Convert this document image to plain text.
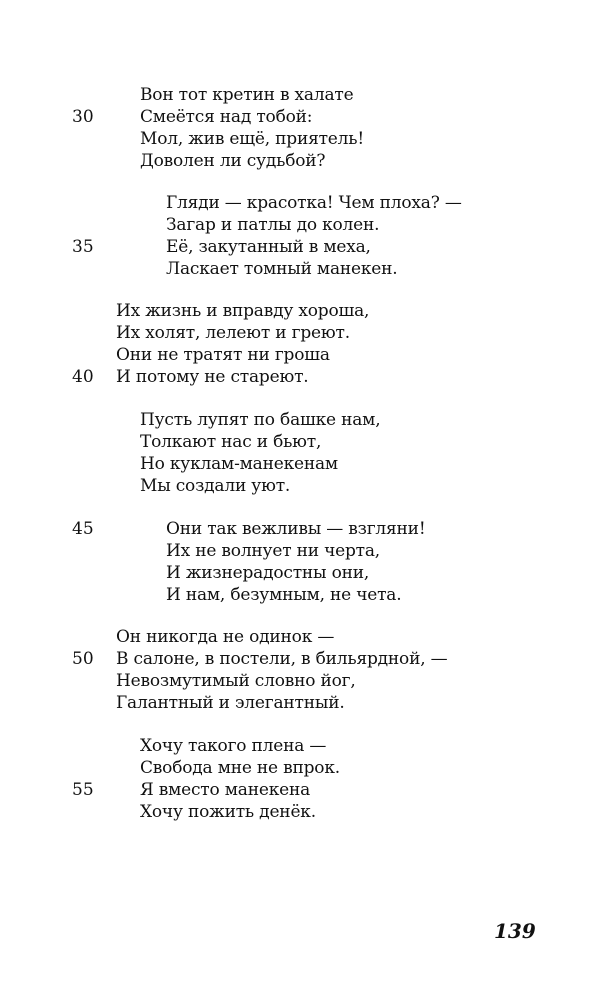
Вон тот кретин в халате
30	Смеётся над тобой:
Мол, жив ещё, приятель!
Доволен ли судьбой?
Гляди — красотка! Чем плоха? —
Загар и патлы до колен.
35	Её, закутанный в меха,
Ласкает томный манекен.
Их жизнь и вправду хороша,
Их холят, лелеют и греют.
Они не тратят ни гроша
40 И потому не стареют.
Пусть лупят по башке нам,
Толкают нас и бьют,
Но куклам-манекенам
Мы создали уют.
45	Они так вежливы — взгляни!
Их не волнует ни черта,
И жизнерадостны они,
И нам, безумным, не чета.
Он никогда не одинок —
50 В салоне, в постели, в бильярдной, —
Невозмутимый словно йог,
Галантный и элегантный.
Хочу такого плена —
Свобода мне не впрок.
55	Я вместо манекена
Хочу пожить денёк.
139
